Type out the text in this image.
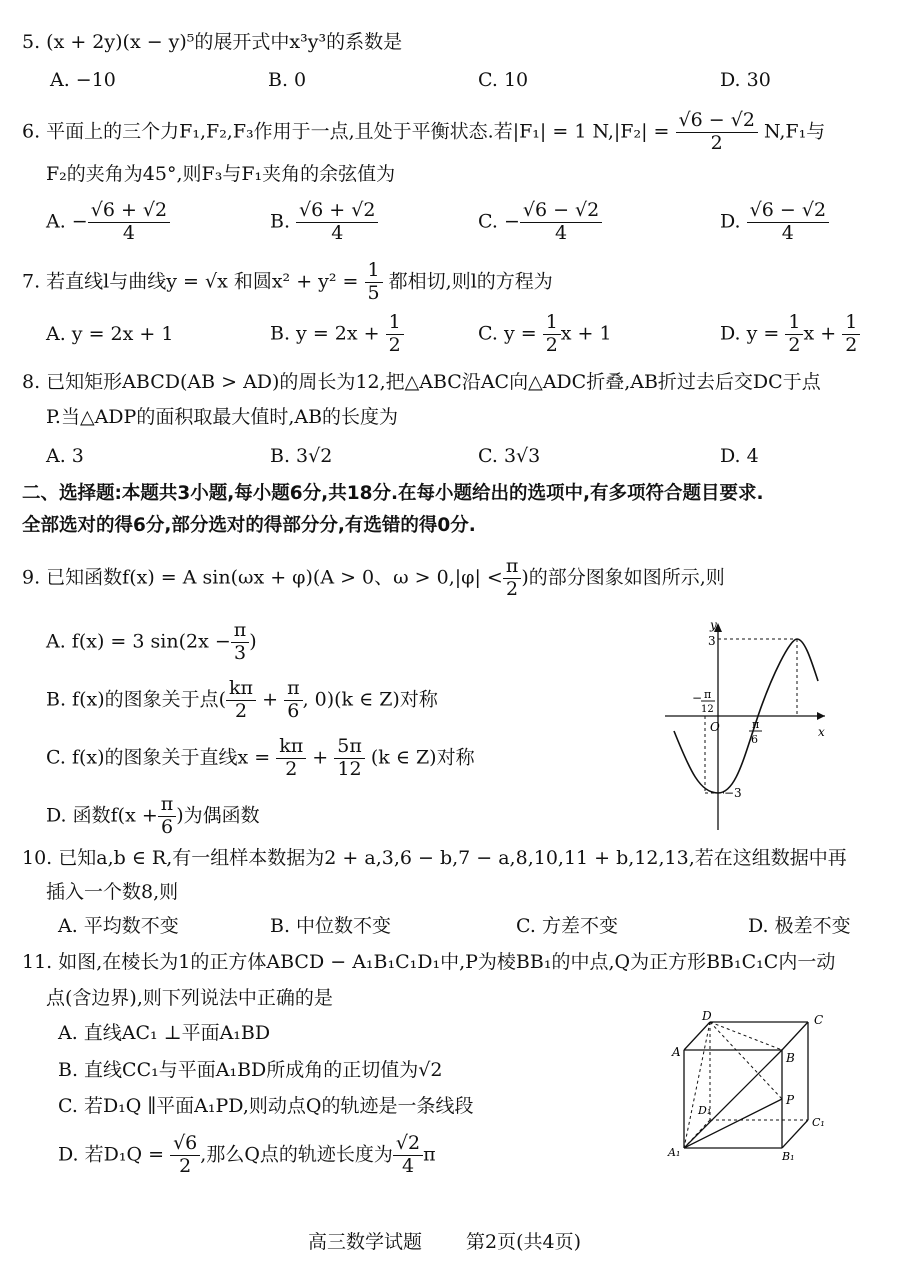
5. (x + 2y)(x − y)⁵的展开式中x³y³的系数是
A. −10	B. 0	C. 10	D. 30
6. 平面上的三个力F₁,F₂,F₃作用于一点,且处于平衡状态.若|F₁| = 1 $N,|F_2| = \frac{√6 - √2}{2} N,F_1$与
F₂的夹角为45°,则F₃与F₁夹角的余弦值为
A. − $\frac{√6 + √2}{4}$	B. $\frac{√6 + √2}{4}$	C. − $\frac{√6 - √2}{4}$	D. $\frac{√6 - √2}{4}$
7. 若直线l与曲线y = √x 和圆$x^2 + y^2 = \frac{1}{5}$ 都相切,则l的方程为
A. y = 2x + 1	B. $y = 2x + \frac{1}{2}$	C. $y = \frac{1}{2}$ x + 1	D. $y = \frac{1}{2}$ $x + \frac{1}{2}$
8. 已知矩形ABCD(AB > AD)的周长为12,把△ABC沿AC向△ADC折叠,AB折过去后交DC于点
P.当△ADP的面积取最大值时,AB的长度为
A. 3	B. 3√2	C. 3√3	D. 4
二、选择题:本题共3小题,每小题6分,共18分.在每小题给出的选项中,有多项符合题目要求.
全部选对的得6分,部分选对的得部分分,有选错的得0分.
9. 已知函数f(x) = A sin(ωx + φ)(A > 0、$\omega > 0,|\varphi| < \frac{\pi}{2}$ )的部分图象如图所示,则
A. f(x) = 3 $\sin(2x - \frac{\pi}{3}$ )
B. f(x)的图象关于点( $\frac{k\pi}{2} + \frac{\pi}{6}$ , 0)(k ∈ Z)对称
C. f(x)的图象关于直线$x = \frac{k\pi}{2} + \frac{5\pi}{12} (k$ ∈ Z)对称
D. 函数$f(x + \frac{\pi}{6}$ )为偶函数
y
x
O
3
−3
− π
12
π
6
10. 已知a,b ∈ R,有一组样本数据为2 + a,3,6 − b,7 − a,8,10,11 + b,12,13,若在这组数据中再
插入一个数8,则
A. 平均数不变	B. 中位数不变	C. 方差不变	D. 极差不变
11. 如图,在棱长为1的正方体ABCD − A₁B₁C₁D₁中,P为棱BB₁的中点,Q为正方形BB₁C₁C内一动
点(含边界),则下列说法中正确的是
A. 直线AC₁ ⊥平面A₁BD
B. 直线CC₁与平面A₁BD所成角的正切值为√2
C. 若D₁Q ∥平面A₁PD,则动点Q的轨迹是一条线段
D. 若$D_1Q = \frac{√6}{2}$ ,那么Q点的轨迹长度为 $\frac{√2}{4}$ π
D	C
A	B
D₁
P
C₁
A₁	B₁
高三数学试题 第2页(共4页)
